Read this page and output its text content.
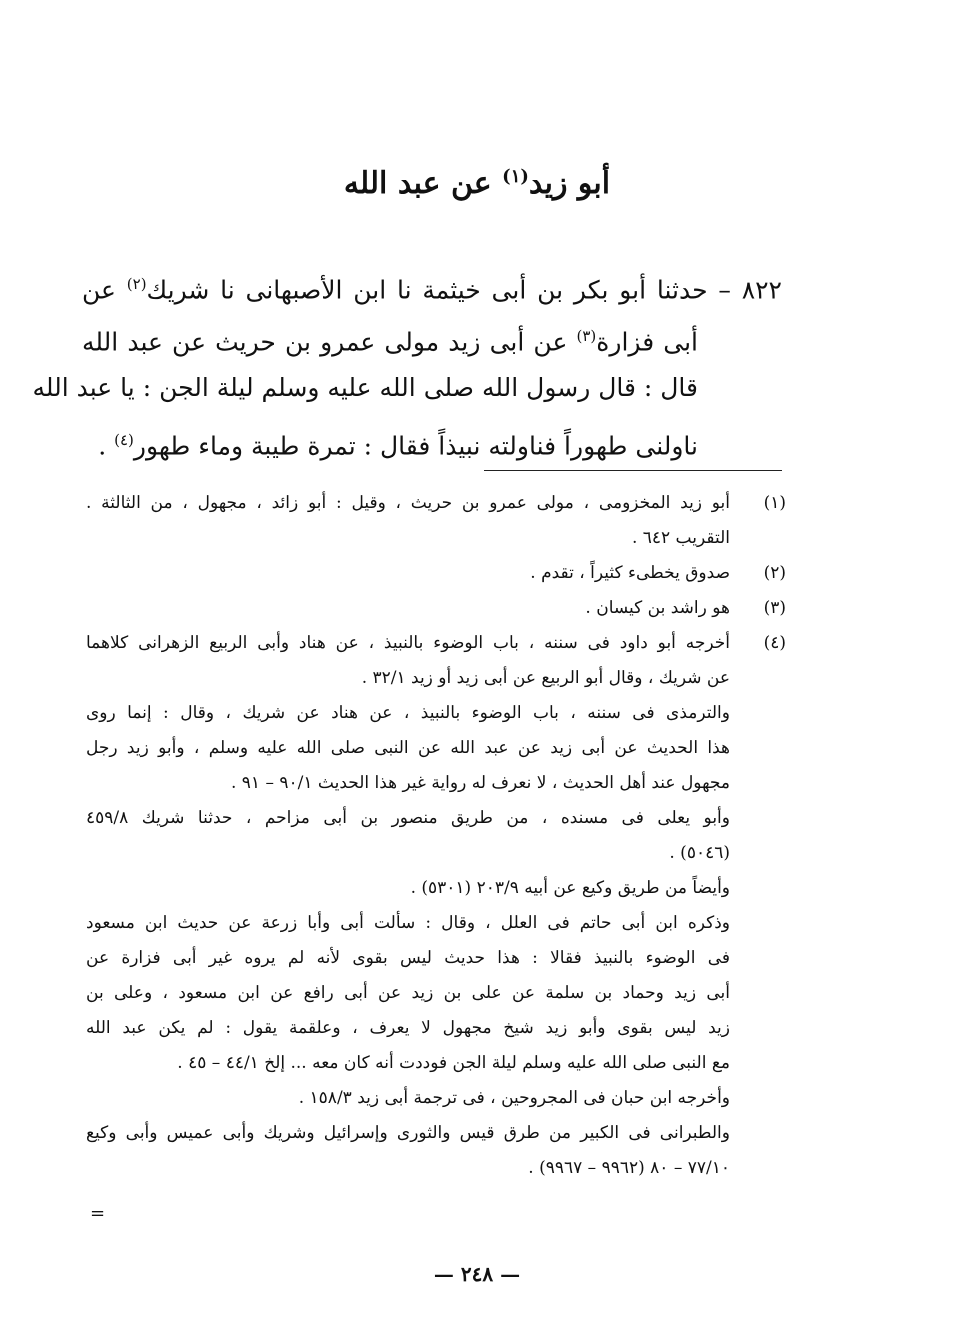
أبو زيد$^{(١)}$ عن عبد الله
٨٢٢ – حدثنا أبو بكر بن أبى خيثمة نا ابن الأصبهانى نا شريك$^{(٢)}$ عن
أبى فزارة$^{(٣)}$ عن أبى زيد مولى عمرو بن حريث عن عبد الله
قال : قال رسول الله صلى الله عليه وسلم ليلة الجن : يا عبد الله
ناولنى طهوراً فناولته نبيذاً فقال : تمرة طيبة وماء طهور$^{(٤)}$ .
(١)
أبو زيد المخزومى ، مولى عمرو بن حريث ، وقيل : أبو زائد ، مجهول ، من الثالثة .
التقريب ٦٤٢ .
(٢)
صدوق يخطىء كثيراً ، تقدم .
(٣)
هو راشد بن كيسان .
(٤)
أخرجه أبو داود فى سننه ، باب الوضوء بالنبيذ ، عن هناد وأبى الربيع الزهرانى كلاهما
عن شريك ، وقال أبو الربيع عن أبى زيد أو زيد ٣٢/١ .
والترمذى فى سننه ، باب الوضوء بالنبيذ ، عن هناد عن شريك ، وقال : إنما روى
هذا الحديث عن أبى زيد عن عبد الله عن النبى صلى الله عليه وسلم ، وأبو زيد رجل
مجهول عند أهل الحديث ، لا نعرف له رواية غير هذا الحديث ٩٠/١ – ٩١ .
وأبو يعلى فى مسنده ، من طريق منصور بن أبى مزاحم ، حدثنا شريك ٤٥٩/٨
(٥٠٤٦) .
وأيضاً من طريق وكيع عن أبيه ٢٠٣/٩ (٥٣٠١) .
وذكره ابن أبى حاتم فى العلل ، وقال : سألت أبى وأبا زرعة عن حديث ابن مسعود
فى الوضوء بالنبيذ فقالا : هذا حديث ليس بقوى لأنه لم يروه غير أبى فزارة عن
أبى زيد وحماد بن سلمة عن على بن زيد عن أبى رافع عن ابن مسعود ، وعلى بن
زيد ليس بقوى وأبو زيد شيخ مجهول لا يعرف ، وعلقمة يقول : لم يكن عبد الله
مع النبى صلى الله عليه وسلم ليلة الجن فوددت أنه كان معه ... إلخ ٤٤/١ – ٤٥ .
وأخرجه ابن حبان فى المجروحين ، فى ترجمة أبى زيد ١٥٨/٣ .
والطبرانى فى الكبير من طرق قيس والثورى وإسرائيل وشريك وأبى عميس وأبى وكيع
٧٧/١٠ – ٨٠ (٩٩٦٢ – ٩٩٦٧) .
=
— ٢٤٨ —
